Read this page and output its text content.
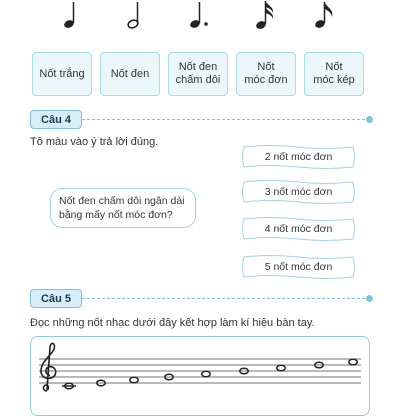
Nốt trắng	Nốt đen
Nốt đen
chấm dôi
Nốt
móc đơn
Nốt
móc kép
Câu 4
Tô màu vào ý trả lời đúng.
Nốt đen chấm dôi ngân dài bằng mấy nốt móc đơn?
2 nốt móc đơn
3 nốt móc đơn
4 nốt móc đơn
5 nốt móc đơn
Câu 5
Đọc những nốt nhạc dưới đây kết hợp làm kí hiệu bàn tay.
